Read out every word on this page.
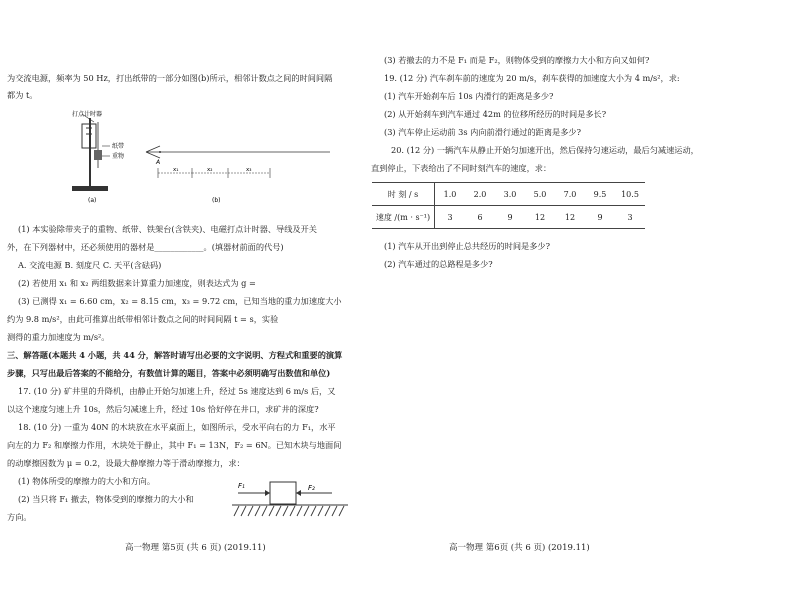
为交流电源，频率为 50 Hz，打出纸带的一部分如图(b)所示，相邻计数点之间的时间间隔
都为 t。
打点计时器
纸带
重物
(a)
A
x₁	x₂	x₃
(b)
(1) 本实验除带夹子的重物、纸带、铁架台(含铁夹)、电磁打点计时器、导线及开关
外，在下列器材中，还必须使用的器材是____________。(填器材前面的代号)
A. 交流电源 B. 刻度尺 C. 天平(含砝码)
(2) 若使用 x₁ 和 x₂ 两组数据来计算重力加速度，则表达式为 g =
(3) 已测得 x₁ = 6.60 cm，x₂ = 8.15 cm，x₃ = 9.72 cm，已知当地的重力加速度大小
约为 9.8 m/s²，由此可推算出纸带相邻计数点之间的时间间隔 t = s，实验
测得的重力加速度为 m/s²。
三、解答题(本题共 4 小题，共 44 分，解答时请写出必要的文字说明、方程式和重要的演算
步骤，只写出最后答案的不能给分，有数值计算的题目，答案中必须明确写出数值和单位)
17. (10 分) 矿井里的升降机，由静止开始匀加速上升，经过 5s 速度达到 6 m/s 后，又
以这个速度匀速上升 10s，然后匀减速上升，经过 10s 恰好停在井口，求矿井的深度?
18. (10 分) 一重为 40N 的木块放在水平桌面上，如图所示，受水平向右的力 F₁，水平
向左的力 F₂ 和摩擦力作用，木块处于静止，其中 F₁ = 13N，F₂ = 6N。已知木块与地面间
的动摩擦因数为 μ = 0.2，设最大静摩擦力等于滑动摩擦力，求：
(1) 物体所受的摩擦力的大小和方向。
(2) 当只将 F₁ 撤去，物体受到的摩擦力的大小和
方向。
F₁	F₂
高一物理 第5页 (共 6 页) (2019.11)
(3) 若撤去的力不是 F₁ 而是 F₂，则物体受到的摩擦力大小和方向又如何?
19. (12 分) 汽车刹车前的速度为 20 m/s，刹车获得的加速度大小为 4 m/s²，求:
(1) 汽车开始刹车后 10s 内滑行的距离是多少?
(2) 从开始刹车到汽车通过 42m 的位移所经历的时间是多长?
(3) 汽车停止运动前 3s 内向前滑行通过的距离是多少?
20. (12 分) 一辆汽车从静止开始匀加速开出，然后保持匀速运动，最后匀减速运动，
直到停止，下表给出了不同时刻汽车的速度，求：
(1) 汽车从开出到停止总共经历的时间是多少?
(2) 汽车通过的总路程是多少?
高一物理 第6页 (共 6 页) (2019.11)
时 刻 / s	1.0	2.0	3.0	5.0	7.0	9.5	10.5
速度 /(m · s⁻¹)	3	6	9	12	12	9	3
